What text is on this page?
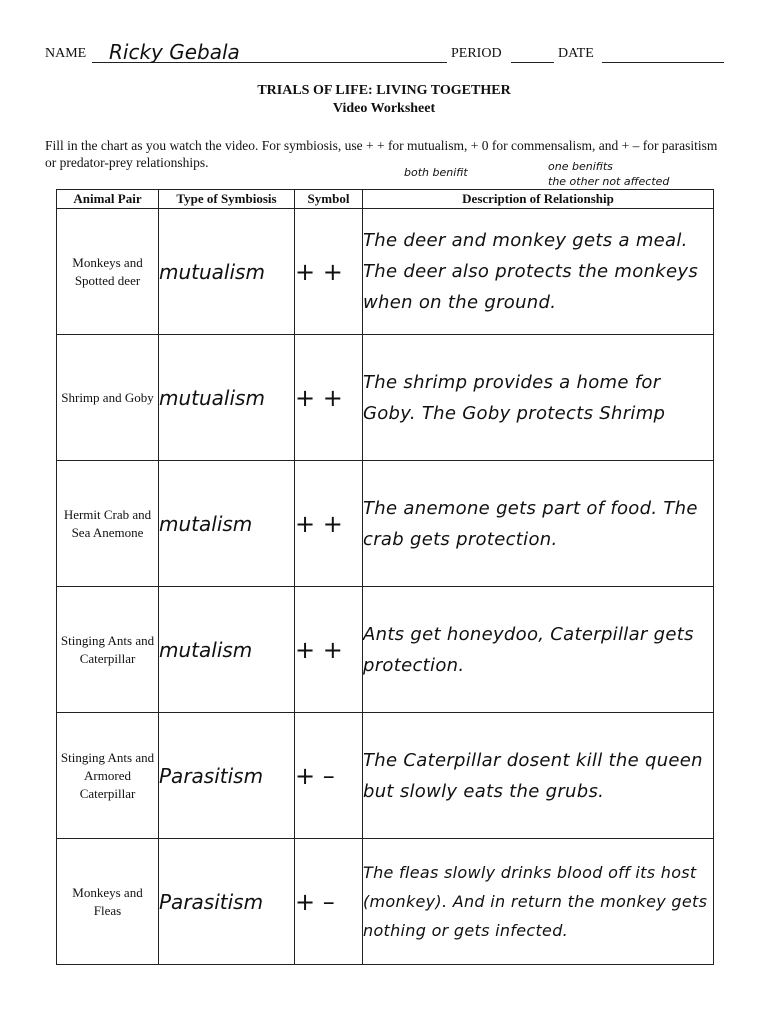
NAME Ricky Gebala	PERIOD	DATE
TRIALS OF LIFE: LIVING TOGETHER
Video Worksheet
Fill in the chart as you watch the video. For symbiosis, use + + for mutualism, + 0 for commensalism, and + – for parasitism or predator-prey relationships.
both benifit	one benifits
the other not affected
Animal Pair	Type of Symbiosis	Symbol	Description of Relationship
Monkeys and Spotted deer	mutualism	+ +	The deer and monkey gets a meal. The deer also protects the monkeys when on the ground.
Shrimp and Goby	mutualism	+ +	The shrimp provides a home for Goby. The Goby protects Shrimp
Hermit Crab and Sea Anemone	mutalism	+ +	The anemone gets part of food. The crab gets protection.
Stinging Ants and Caterpillar	mutalism	+ +	Ants get honeydoo, Caterpillar gets protection.
Stinging Ants and Armored Caterpillar	Parasitism	+ –	The Caterpillar dosent kill the queen but slowly eats the grubs.
Monkeys and Fleas	Parasitism	+ –	The fleas slowly drinks blood off its host (monkey). And in return the monkey gets nothing or gets infected.
